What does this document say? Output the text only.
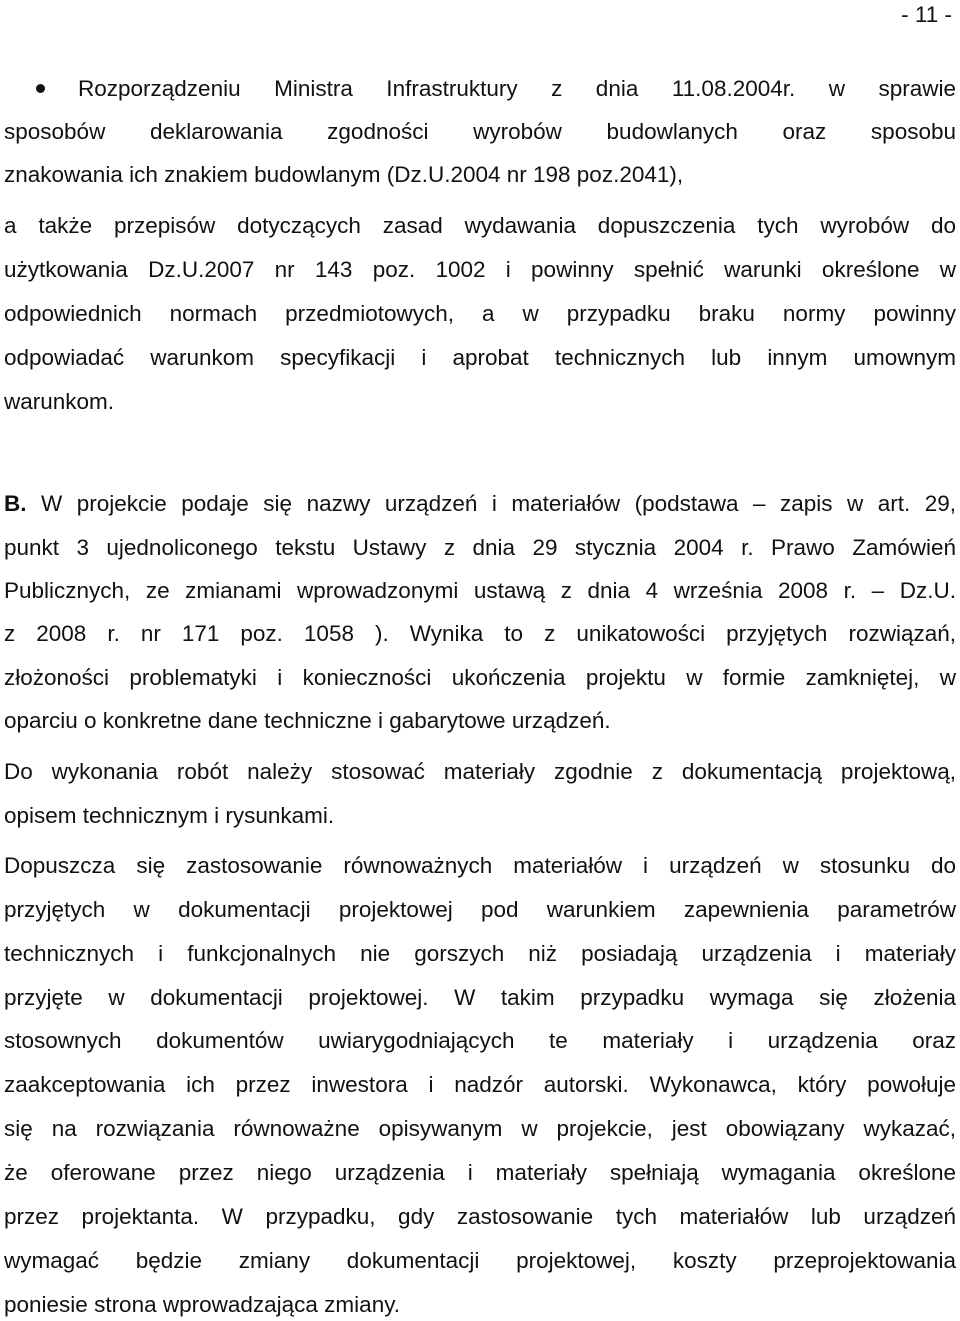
- 11 -
Rozporządzeniu Ministra Infrastruktury z dnia 11.08.2004r. w sprawie
sposobów deklarowania zgodności wyrobów budowlanych oraz sposobu
znakowania ich znakiem budowlanym (Dz.U.2004 nr 198 poz.2041),
a także przepisów dotyczących zasad wydawania dopuszczenia tych wyrobów do
użytkowania Dz.U.2007 nr 143 poz. 1002 i powinny spełnić warunki określone w
odpowiednich normach przedmiotowych, a w przypadku braku normy powinny
odpowiadać warunkom specyfikacji i aprobat technicznych lub innym umownym
warunkom.
B. W projekcie podaje się nazwy urządzeń i materiałów (podstawa – zapis w art. 29,
punkt 3 ujednoliconego tekstu Ustawy z dnia 29 stycznia 2004 r. Prawo Zamówień
Publicznych, ze zmianami wprowadzonymi ustawą z dnia 4 września 2008 r. – Dz.U.
z 2008 r. nr 171 poz. 1058 ). Wynika to z unikatowości przyjętych rozwiązań,
złożoności problematyki i konieczności ukończenia projektu w formie zamkniętej, w
oparciu o konkretne dane techniczne i gabarytowe urządzeń.
Do wykonania robót należy stosować materiały zgodnie z dokumentacją projektową,
opisem technicznym i rysunkami.
Dopuszcza się zastosowanie równoważnych materiałów i urządzeń w stosunku do
przyjętych w dokumentacji projektowej pod warunkiem zapewnienia parametrów
technicznych i funkcjonalnych nie gorszych niż posiadają urządzenia i materiały
przyjęte w dokumentacji projektowej. W takim przypadku wymaga się złożenia
stosownych dokumentów uwiarygodniających te materiały i urządzenia oraz
zaakceptowania ich przez inwestora i nadzór autorski. Wykonawca, który powołuje
się na rozwiązania równoważne opisywanym w projekcie, jest obowiązany wykazać,
że oferowane przez niego urządzenia i materiały spełniają wymagania określone
przez projektanta. W przypadku, gdy zastosowanie tych materiałów lub urządzeń
wymagać będzie zmiany dokumentacji projektowej, koszty przeprojektowania
poniesie strona wprowadzająca zmiany.
